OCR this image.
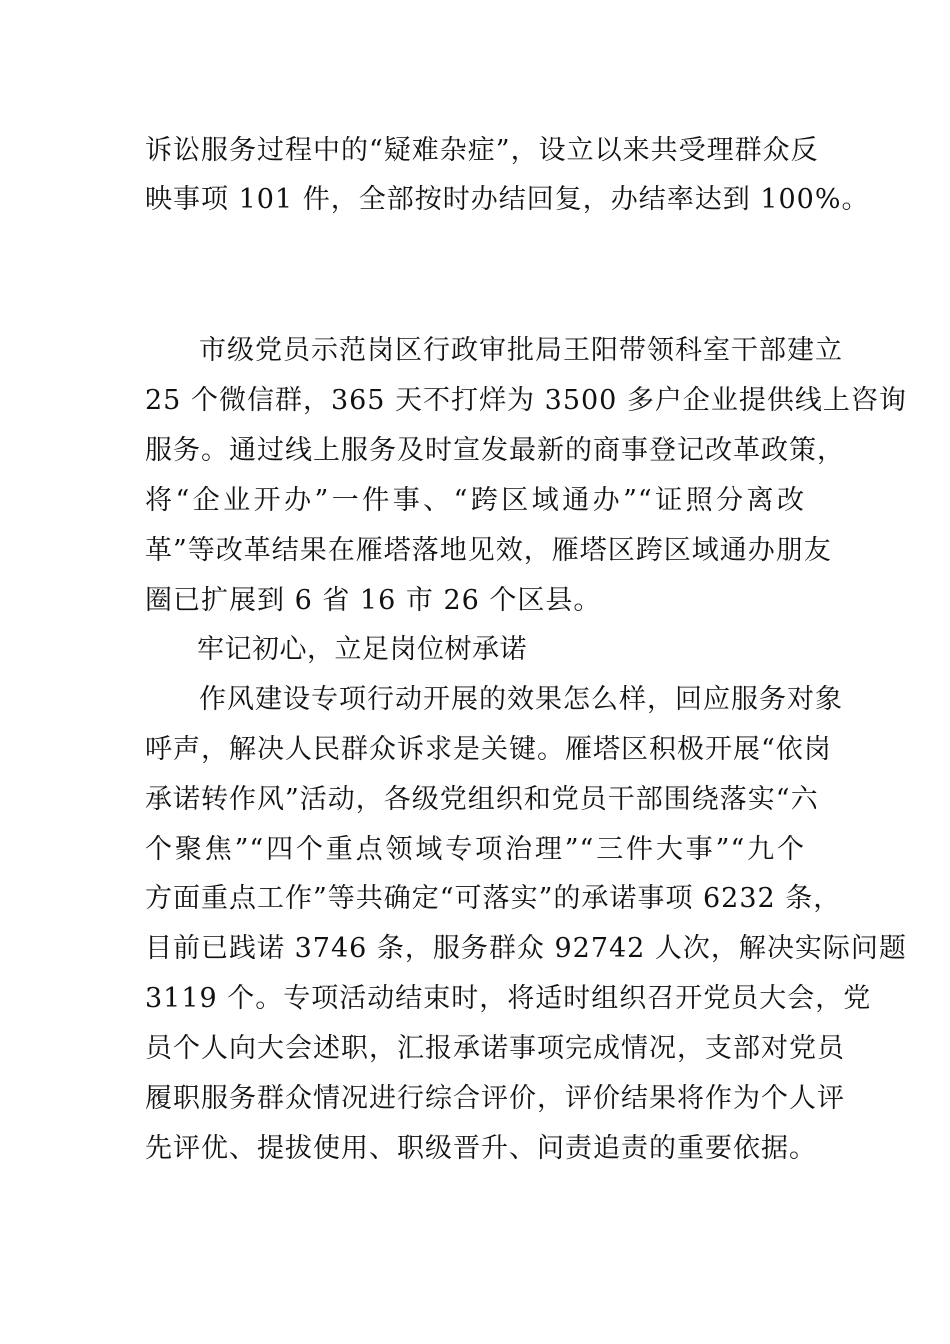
诉讼服务过程中的“疑难杂症”，设立以来共受理群众反
映事项 101 件，全部按时办结回复，办结率达到 100%。
市级党员示范岗区行政审批局王阳带领科室干部建立
25 个微信群，365 天不打烊为 3500 多户企业提供线上咨询
服务。通过线上服务及时宣发最新的商事登记改革政策，
将“企业开办”一件事、“跨区域通办”“证照分离改
革”等改革结果在雁塔落地见效，雁塔区跨区域通办朋友
圈已扩展到 6 省 16 市 26 个区县。
牢记初心，立足岗位树承诺
作风建设专项行动开展的效果怎么样，回应服务对象
呼声，解决人民群众诉求是关键。雁塔区积极开展“依岗
承诺转作风”活动，各级党组织和党员干部围绕落实“六
个聚焦”“四个重点领域专项治理”“三件大事”“九个
方面重点工作”等共确定“可落实”的承诺事项 6232 条，
目前已践诺 3746 条，服务群众 92742 人次，解决实际问题
3119 个。专项活动结束时，将适时组织召开党员大会，党
员个人向大会述职，汇报承诺事项完成情况，支部对党员
履职服务群众情况进行综合评价，评价结果将作为个人评
先评优、提拔使用、职级晋升、问责追责的重要依据。
